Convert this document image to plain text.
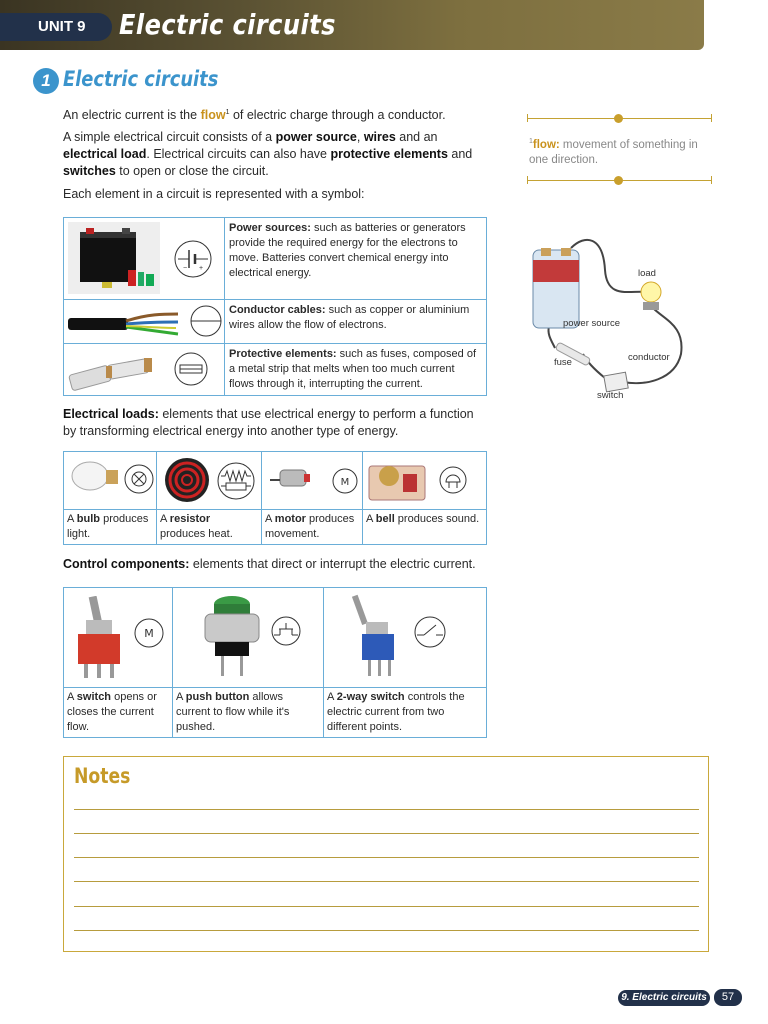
UNIT 9	Electric circuits
1 Electric circuits
An electric current is the flow$^1$ of electric charge through a conductor.
A simple electrical circuit consists of a power source, wires and an electrical load. Electrical circuits can also have protective elements and switches to open or close the circuit.
Each element in a circuit is represented with a symbol:
$^1$flow: movement of something in one direction.
− +	Power sources: such as batteries or generators provide the required energy for the electrons to move. Batteries convert chemical energy into electrical energy.

	Conductor cables: such as copper or aluminium wires allow the flow of electrons.

	Protective elements: such as fuses, composed of a metal strip that melts when too much current flows through it, interrupting the current.
Electrical loads: elements that use electrical energy to perform a function by transforming electrical energy into another type of energy.

M

A bulb produces light.	A resistor produces heat.	A motor produces movement.	A bell produces sound.
Control components: elements that direct or interrupt the electric current.
M

A switch opens or closes the current flow.	A push button allows current to flow while it's pushed.	A 2-way switch controls the electric current from two different points.
load
power source
conductor
fuse
switch
Notes
9. Electric circuits	57
